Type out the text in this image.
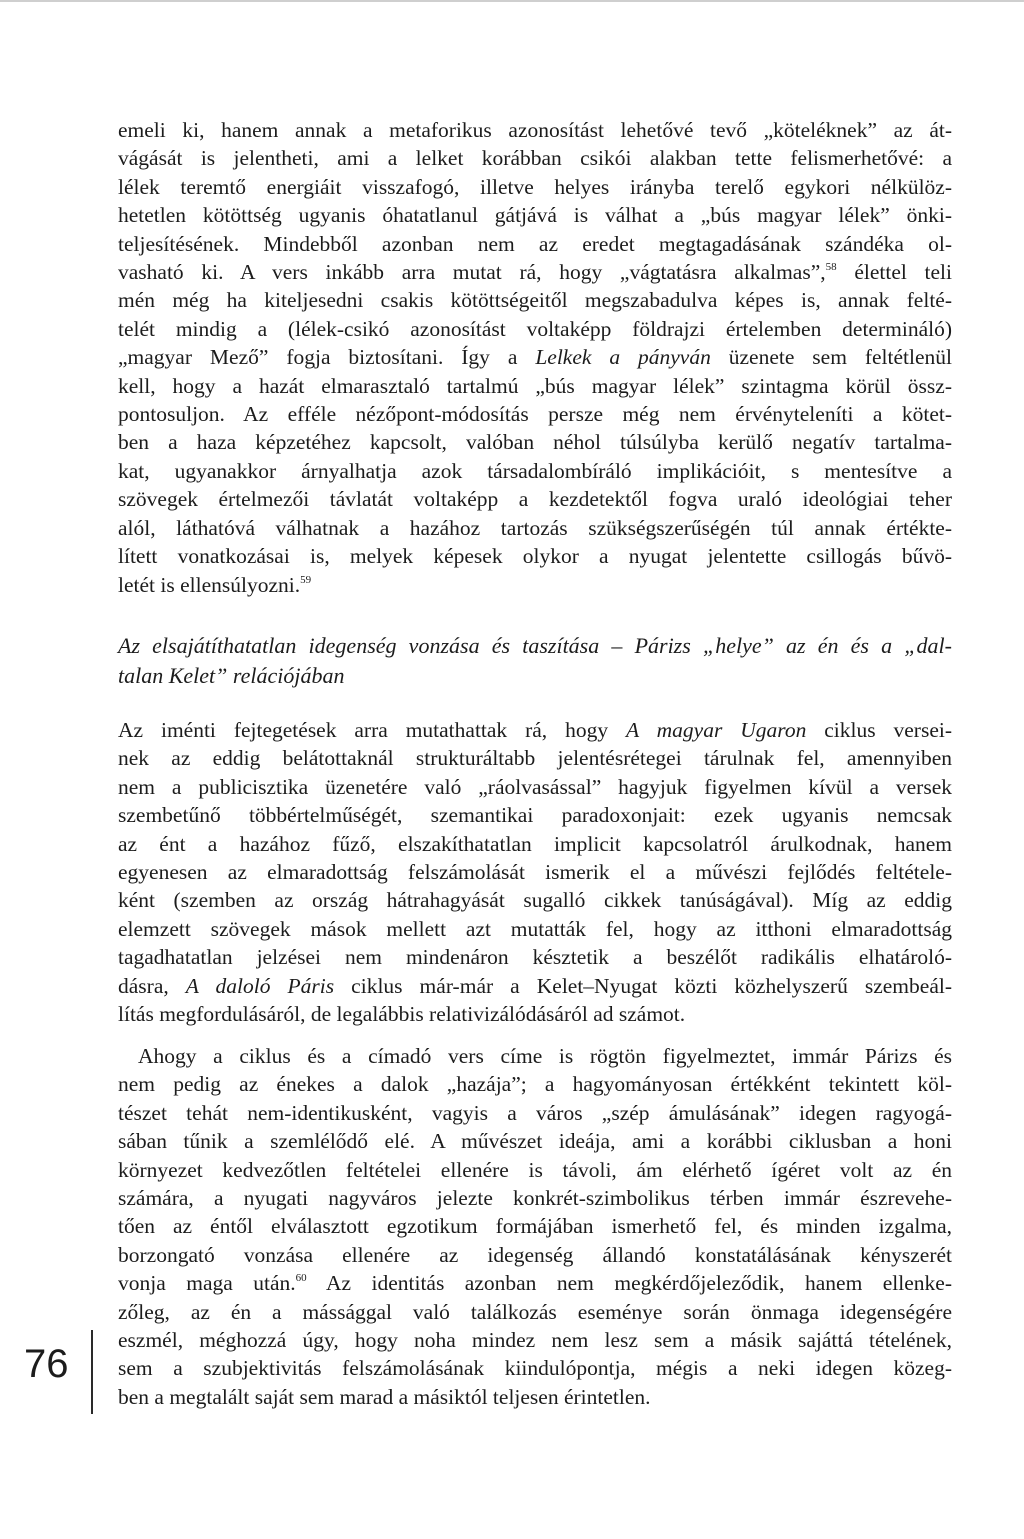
emeli ki, hanem annak a metaforikus azonosítást lehetővé tevő „köteléknek” az át-
vágását is jelentheti, ami a lelket korábban csikói alakban tette felismerhetővé: a
lélek teremtő energiáit visszafogó, illetve helyes irányba terelő egykori nélkülöz-
hetetlen kötöttség ugyanis óhatatlanul gátjává is válhat a „bús magyar lélek” önki-
teljesítésének. Mindebből azonban nem az eredet megtagadásának szándéka ol-
vasható ki. A vers inkább arra mutat rá, hogy „vágtatásra alkalmas”,$^{58}$ élettel teli
mén még ha kiteljesedni csakis kötöttségeitől megszabadulva képes is, annak felté-
telét mindig a (lélek-csikó azonosítást voltaképp földrajzi értelemben determináló)
„magyar Mező” fogja biztosítani. Így a Lelkek a pányván üzenete sem feltétlenül
kell, hogy a hazát elmarasztaló tartalmú „bús magyar lélek” szintagma körül össz-
pontosuljon. Az efféle nézőpont-módosítás persze még nem érvényteleníti a kötet-
ben a haza képzetéhez kapcsolt, valóban néhol túlsúlyba kerülő negatív tartalma-
kat, ugyanakkor árnyalhatja azok társadalombíráló implikációit, s mentesítve a
szövegek értelmezői távlatát voltaképp a kezdetektől fogva uraló ideológiai teher
alól, láthatóvá válhatnak a hazához tartozás szükségszerűségén túl annak értékte-
lített vonatkozásai is, melyek képesek olykor a nyugat jelentette csillogás bűvö-
letét is ellensúlyozni.$^{59}$
Az elsajátíthatatlan idegenség vonzása és taszítása – Párizs „helye” az én és a „dal-
talan Kelet” relációjában
Az iménti fejtegetések arra mutathattak rá, hogy A magyar Ugaron ciklus versei-
nek az eddig belátottaknál strukturáltabb jelentésrétegei tárulnak fel, amennyiben
nem a publicisztika üzenetére való „ráolvasással” hagyjuk figyelmen kívül a versek
szembetűnő többértelműségét, szemantikai paradoxonjait: ezek ugyanis nemcsak
az ént a hazához fűző, elszakíthatatlan implicit kapcsolatról árulkodnak, hanem
egyenesen az elmaradottság felszámolását ismerik el a művészi fejlődés feltétele-
ként (szemben az ország hátrahagyását sugalló cikkek tanúságával). Míg az eddig
elemzett szövegek mások mellett azt mutatták fel, hogy az itthoni elmaradottság
tagadhatatlan jelzései nem mindenáron késztetik a beszélőt radikális elhatároló-
dásra, A daloló Páris ciklus már-már a Kelet–Nyugat közti közhelyszerű szembeál-
lítás megfordulásáról, de legalábbis relativizálódásáról ad számot.
Ahogy a ciklus és a címadó vers címe is rögtön figyelmeztet, immár Párizs és
nem pedig az énekes a dalok „hazája”; a hagyományosan értékként tekintett köl-
tészet tehát nem-identikusként, vagyis a város „szép ámulásának” idegen ragyogá-
sában tűnik a szemlélődő elé. A művészet ideája, ami a korábbi ciklusban a honi
környezet kedvezőtlen feltételei ellenére is távoli, ám elérhető ígéret volt az én
számára, a nyugati nagyváros jelezte konkrét-szimbolikus térben immár észrevehe-
tően az éntől elválasztott egzotikum formájában ismerhető fel, és minden izgalma,
borzongató vonzása ellenére az idegenség állandó konstatálásának kényszerét
vonja maga után.$^{60}$ Az identitás azonban nem megkérdőjeleződik, hanem ellenke-
zőleg, az én a mássággal való találkozás eseménye során önmaga idegenségére
eszmél, méghozzá úgy, hogy noha mindez nem lesz sem a másik sajáttá tételének,
sem a szubjektivitás felszámolásának kiindulópontja, mégis a neki idegen közeg-
ben a megtalált saját sem marad a másiktól teljesen érintetlen.
76
